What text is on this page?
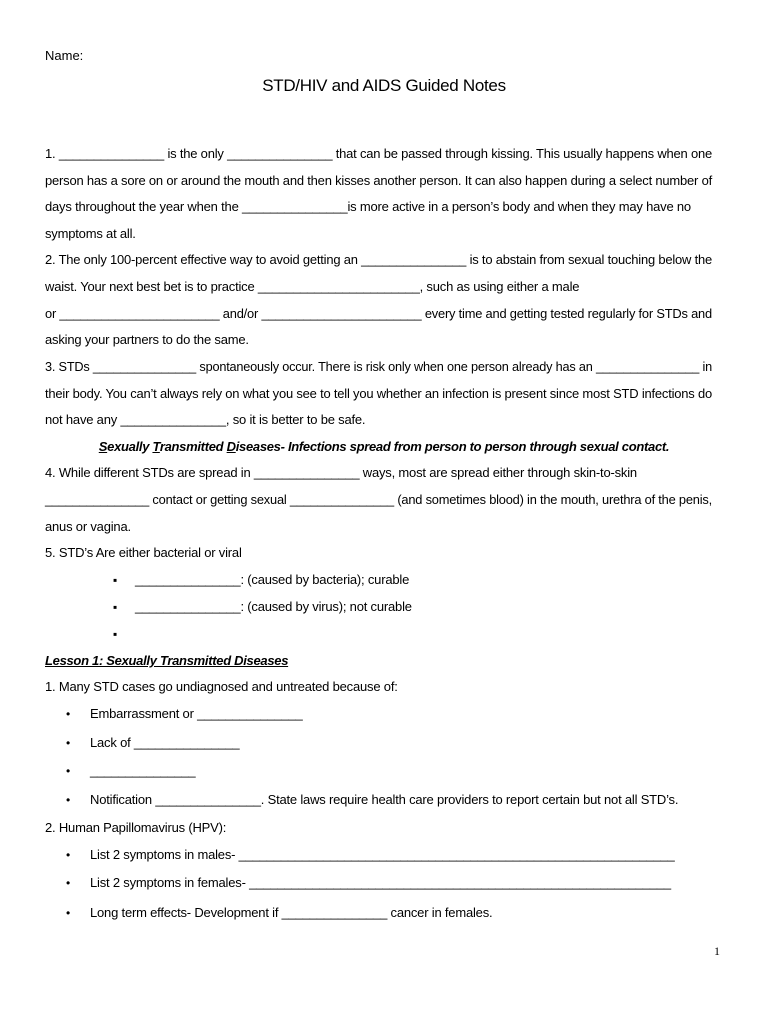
Name:
STD/HIV and AIDS Guided Notes
1. _______________ is the only _______________ that can be passed through kissing. This usually happens when one
person has a sore on or around the mouth and then kisses another person. It can also happen during a select number of
days throughout the year when the _______________is more active in a person’s body and when they may have no
symptoms at all.
2. The only 100-percent effective way to avoid getting an _______________ is to abstain from sexual touching below the
waist. Your next best bet is to practice _______________________, such as using either a male
or _______________________ and/or _______________________ every time and getting tested regularly for STDs and
asking your partners to do the same.
3. STDs _______________ spontaneously occur. There is risk only when one person already has an _______________ in
their body. You can’t always rely on what you see to tell you whether an infection is present since most STD infections do
not have any _______________, so it is better to be safe.
Sexually Transmitted Diseases- Infections spread from person to person through sexual contact.
4. While different STDs are spread in _______________ ways, most are spread either through skin-to-skin
_______________ contact or getting sexual _______________ (and sometimes blood) in the mouth, urethra of the penis,
anus or vagina.
5. STD’s Are either bacterial or viral
▪ _______________: (caused by bacteria); curable
▪ _______________: (caused by virus); not curable
▪
Lesson 1: Sexually Transmitted Diseases
1. Many STD cases go undiagnosed and untreated because of:
• Embarrassment or _______________
• Lack of _______________
• _______________
• Notification _______________. State laws require health care providers to report certain but not all STD’s.
2. Human Papillomavirus (HPV):
• List 2 symptoms in males- ______________________________________________________________
• List 2 symptoms in females- ____________________________________________________________
• Long term effects- Development if _______________ cancer in females.
1
